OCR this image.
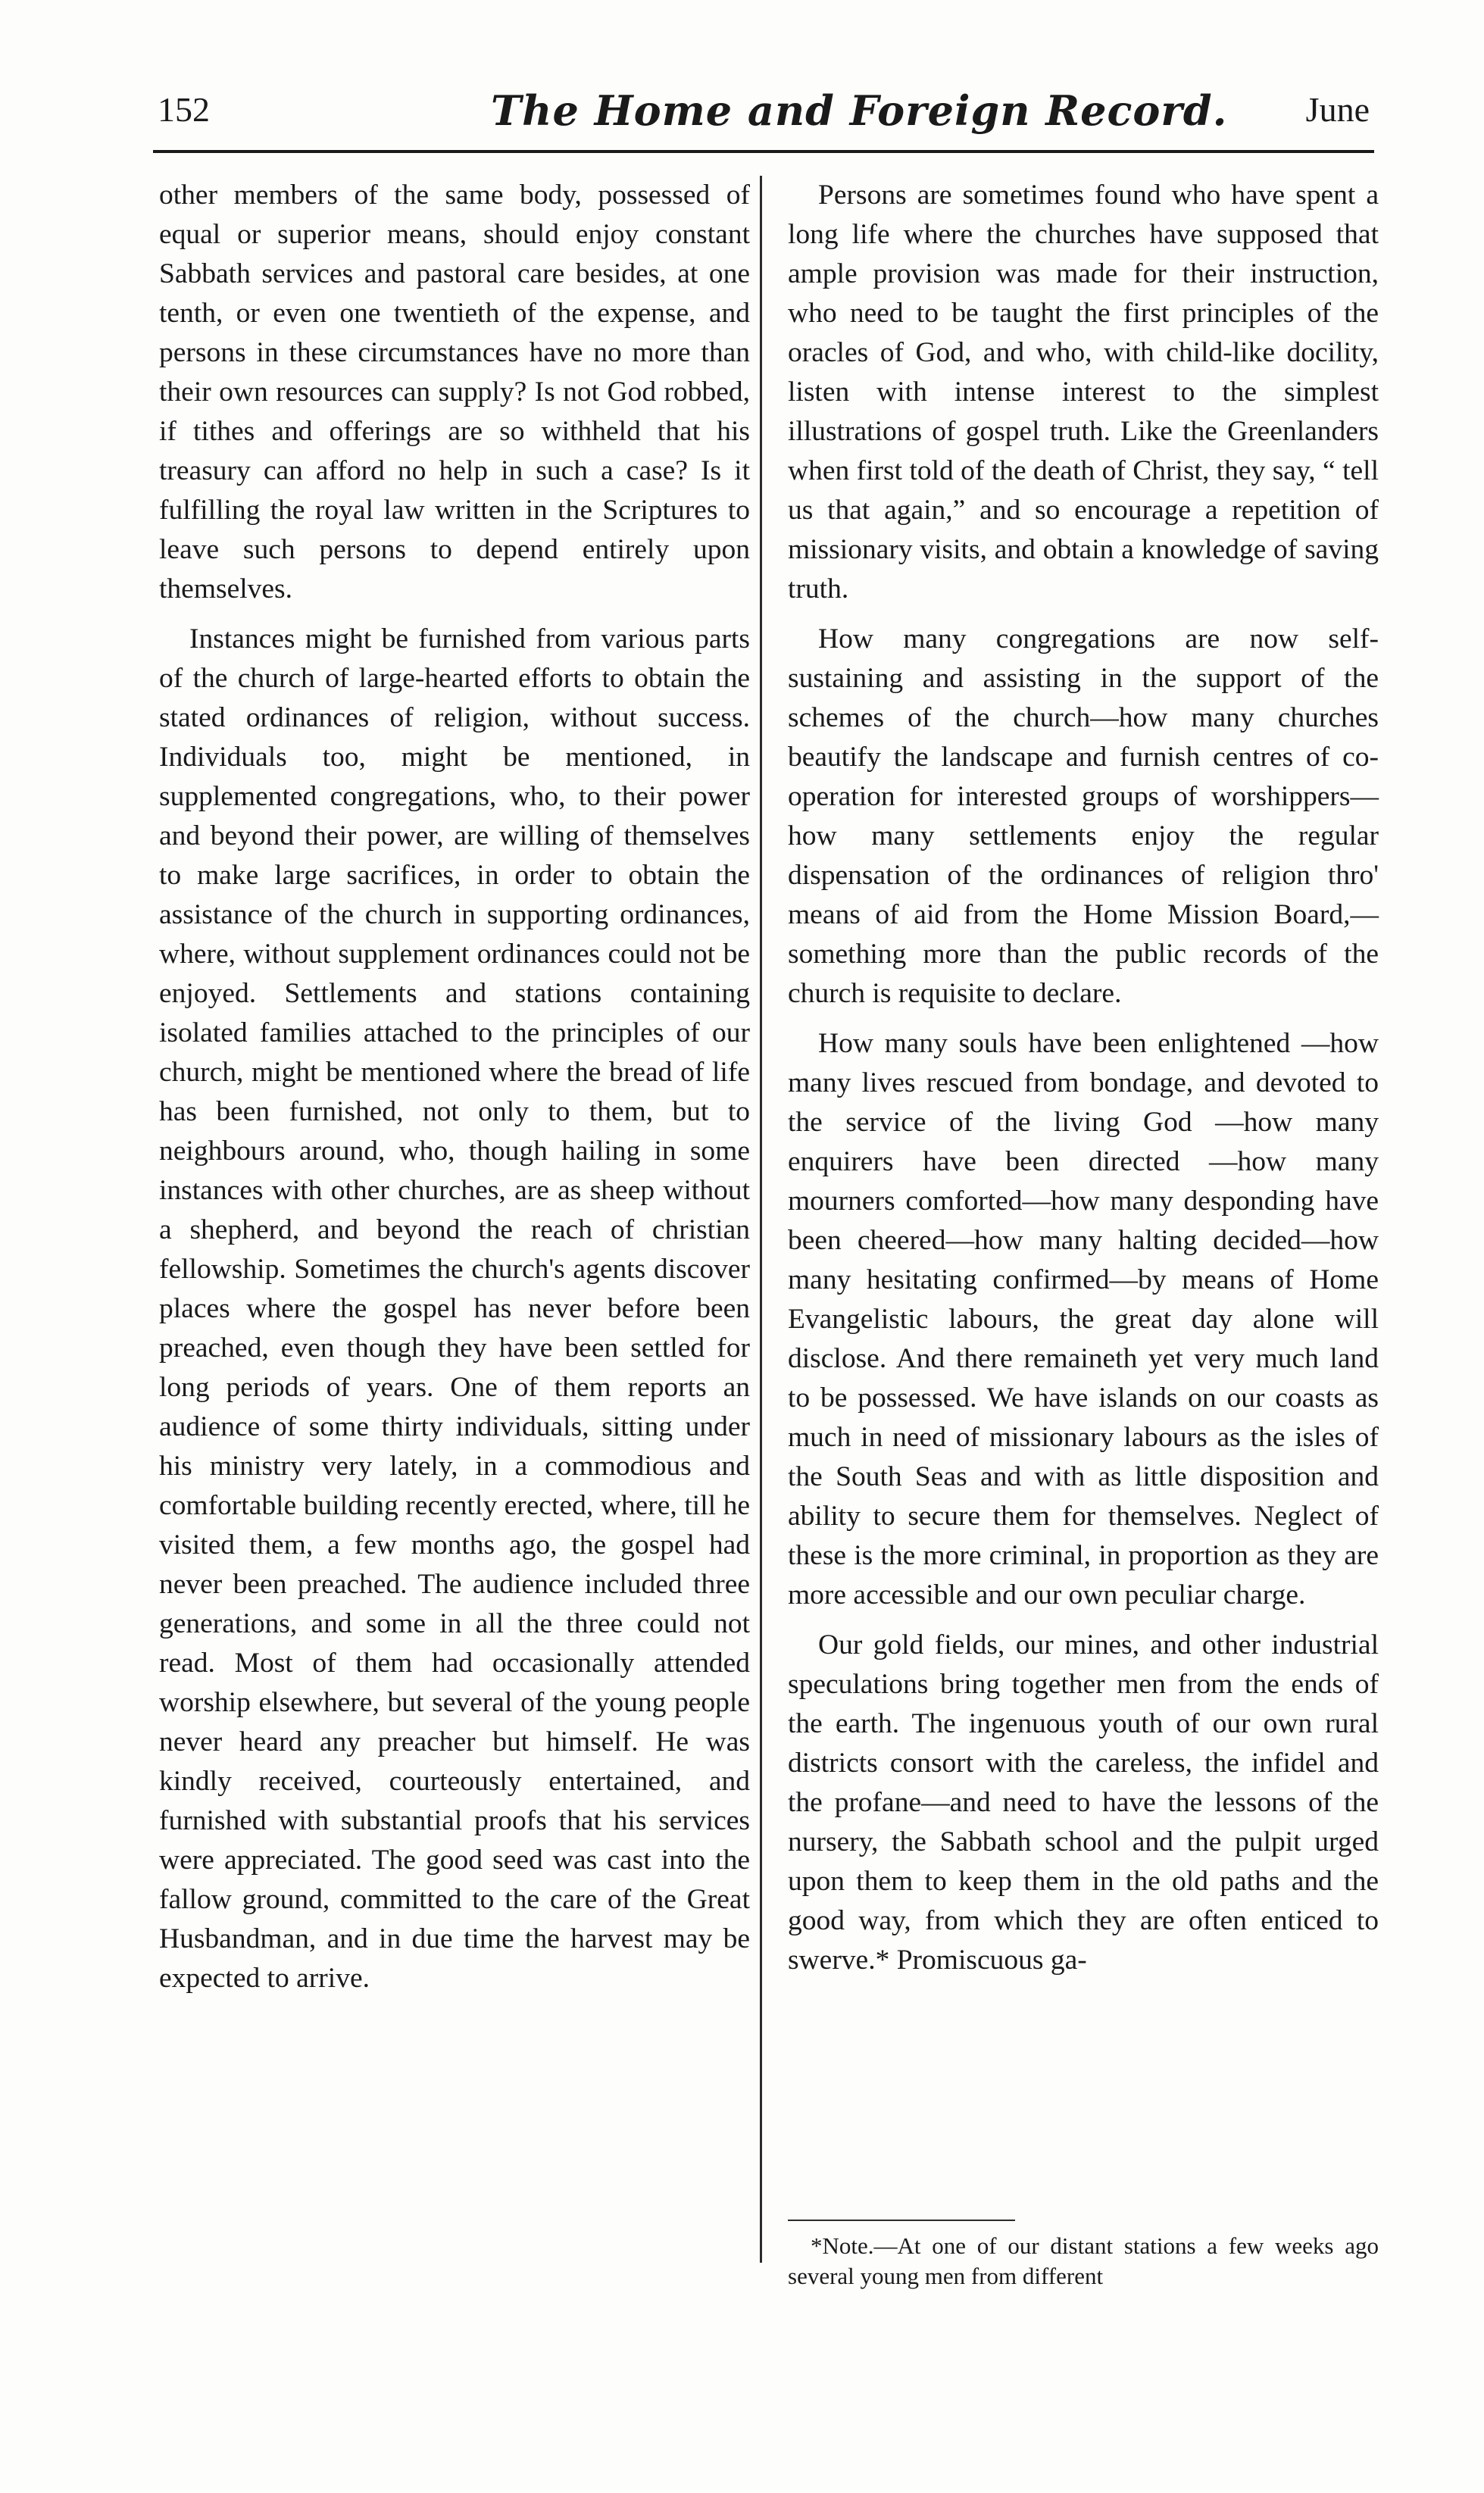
152	The Home and Foreign Record. June

other members of the same body, possessed of equal or superior means, should enjoy constant Sabbath services and pastoral care besides, at one tenth, or even one twentieth of the expense, and persons in these circumstances have no more than their own resources can supply? Is not God robbed, if tithes and offerings are so withheld that his treasury can afford no help in such a case? Is it fulfilling the royal law written in the Scriptures to leave such persons to depend entirely upon themselves.

Instances might be furnished from various parts of the church of large-hearted efforts to obtain the stated ordinances of religion, without success. Individuals too, might be mentioned, in supplemented congregations, who, to their power and beyond their power, are willing of themselves to make large sacrifices, in order to obtain the assistance of the church in supporting ordinances, where, without supplement ordinances could not be enjoyed. Settlements and stations containing isolated families attached to the principles of our church, might be mentioned where the bread of life has been furnished, not only to them, but to neighbours around, who, though hailing in some instances with other churches, are as sheep without a shepherd, and beyond the reach of christian fellowship. Sometimes the church's agents discover places where the gospel has never before been preached, even though they have been settled for long periods of years. One of them reports an audience of some thirty individuals, sitting under his ministry very lately, in a commodious and comfortable building recently erected, where, till he visited them, a few months ago, the gospel had never been preached. The audience included three generations, and some in all the three could not read. Most of them had occasionally attended worship elsewhere, but several of the young people never heard any preacher but himself. He was kindly received, courteously entertained, and furnished with substantial proofs that his services were appreciated. The good seed was cast into the fallow ground, committed to the care of the Great Husbandman, and in due time the harvest may be expected to arrive.

Persons are sometimes found who have spent a long life where the churches have supposed that ample provision was made for their instruction, who need to be taught the first principles of the oracles of God, and who, with child-like docility, listen with intense interest to the simplest illustrations of gospel truth. Like the Greenlanders when first told of the death of Christ, they say, “ tell us that again,” and so encourage a repetition of missionary visits, and obtain a knowledge of saving truth.

How many congregations are now self-sustaining and assisting in the support of the schemes of the church—how many churches beautify the landscape and furnish centres of co-operation for interested groups of worshippers—how many settlements enjoy the regular dispensation of the ordinances of religion thro' means of aid from the Home Mission Board,—something more than the public records of the church is requisite to declare.

How many souls have been enlightened —how many lives rescued from bondage, and devoted to the service of the living God —how many enquirers have been directed —how many mourners comforted—how many desponding have been cheered—how many halting decided—how many hesitating confirmed—by means of Home Evangelistic labours, the great day alone will disclose. And there remaineth yet very much land to be possessed. We have islands on our coasts as much in need of missionary labours as the isles of the South Seas and with as little disposition and ability to secure them for themselves. Neglect of these is the more criminal, in proportion as they are more accessible and our own peculiar charge.

Our gold fields, our mines, and other industrial speculations bring together men from the ends of the earth. The ingenuous youth of our own rural districts consort with the careless, the infidel and the profane—and need to have the lessons of the nursery, the Sabbath school and the pulpit urged upon them to keep them in the old paths and the good way, from which they are often enticed to swerve.* Promiscuous ga-

*Note.—At one of our distant stations a few weeks ago several young men from different
